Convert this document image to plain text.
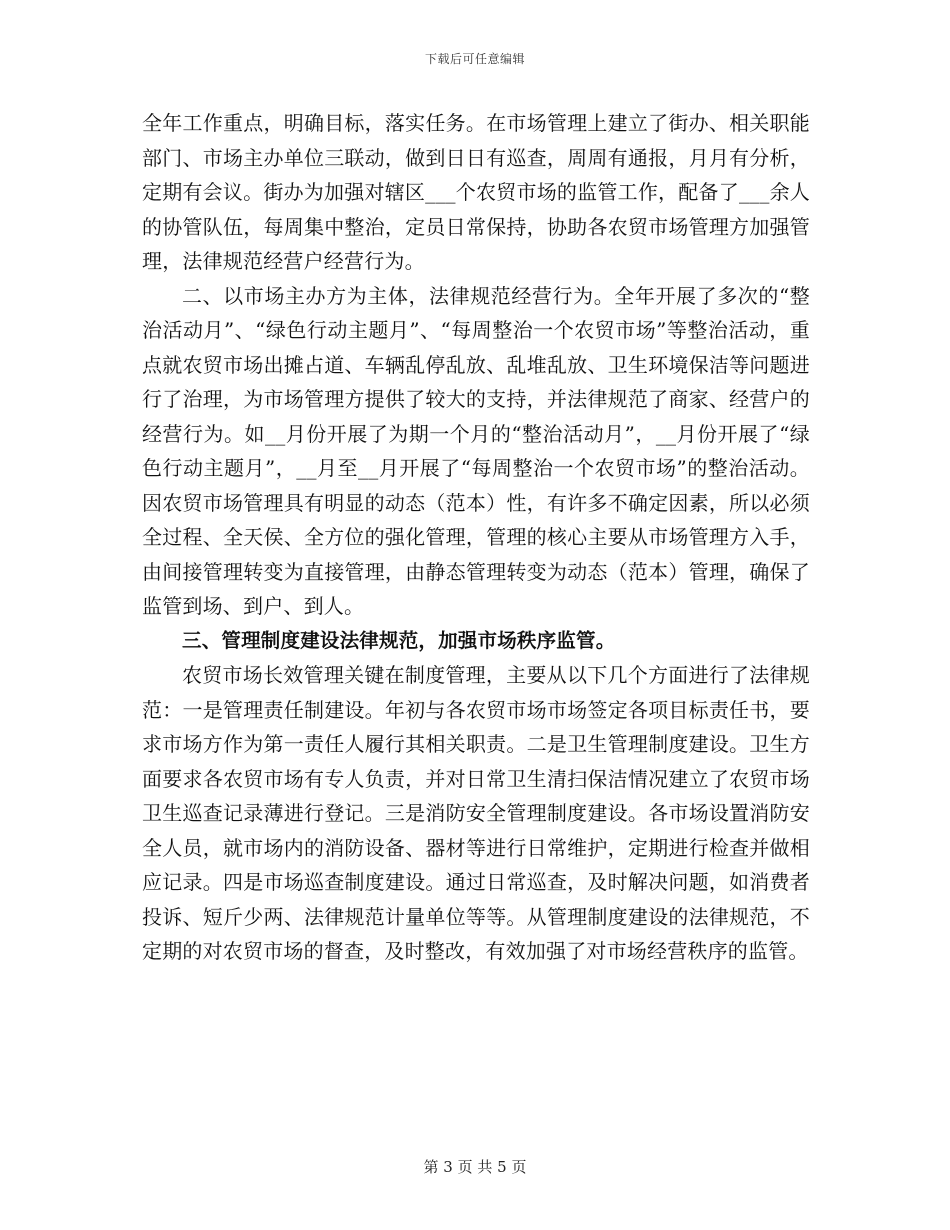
下载后可任意编辑

全年工作重点，明确目标，落实任务。在市场管理上建立了街办、相关职能部门、市场主办单位三联动，做到日日有巡查，周周有通报，月月有分析，定期有会议。街办为加强对辖区___个农贸市场的监管工作，配备了___余人的协管队伍，每周集中整治，定员日常保持，协助各农贸市场管理方加强管理，法律规范经营户经营行为。

二、以市场主办方为主体，法律规范经营行为。全年开展了多次的“整治活动月”、“绿色行动主题月”、“每周整治一个农贸市场”等整治活动，重点就农贸市场出摊占道、车辆乱停乱放、乱堆乱放、卫生环境保洁等问题进行了治理，为市场管理方提供了较大的支持，并法律规范了商家、经营户的经营行为。如__月份开展了为期一个月的“整治活动月”，__月份开展了“绿色行动主题月”，__月至__月开展了“每周整治一个农贸市场”的整治活动。因农贸市场管理具有明显的动态（范本）性，有许多不确定因素，所以必须全过程、全天侯、全方位的强化管理，管理的核心主要从市场管理方入手，由间接管理转变为直接管理，由静态管理转变为动态（范本）管理，确保了监管到场、到户、到人。

三、管理制度建设法律规范，加强市场秩序监管。

农贸市场长效管理关键在制度管理，主要从以下几个方面进行了法律规范：一是管理责任制建设。年初与各农贸市场市场签定各项目标责任书，要求市场方作为第一责任人履行其相关职责。二是卫生管理制度建设。卫生方面要求各农贸市场有专人负责，并对日常卫生清扫保洁情况建立了农贸市场卫生巡查记录薄进行登记。三是消防安全管理制度建设。各市场设置消防安全人员，就市场内的消防设备、器材等进行日常维护，定期进行检查并做相应记录。四是市场巡查制度建设。通过日常巡查，及时解决问题，如消费者投诉、短斤少两、法律规范计量单位等等。从管理制度建设的法律规范，不定期的对农贸市场的督查，及时整改，有效加强了对市场经营秩序的监管。

第 3 页 共 5 页
